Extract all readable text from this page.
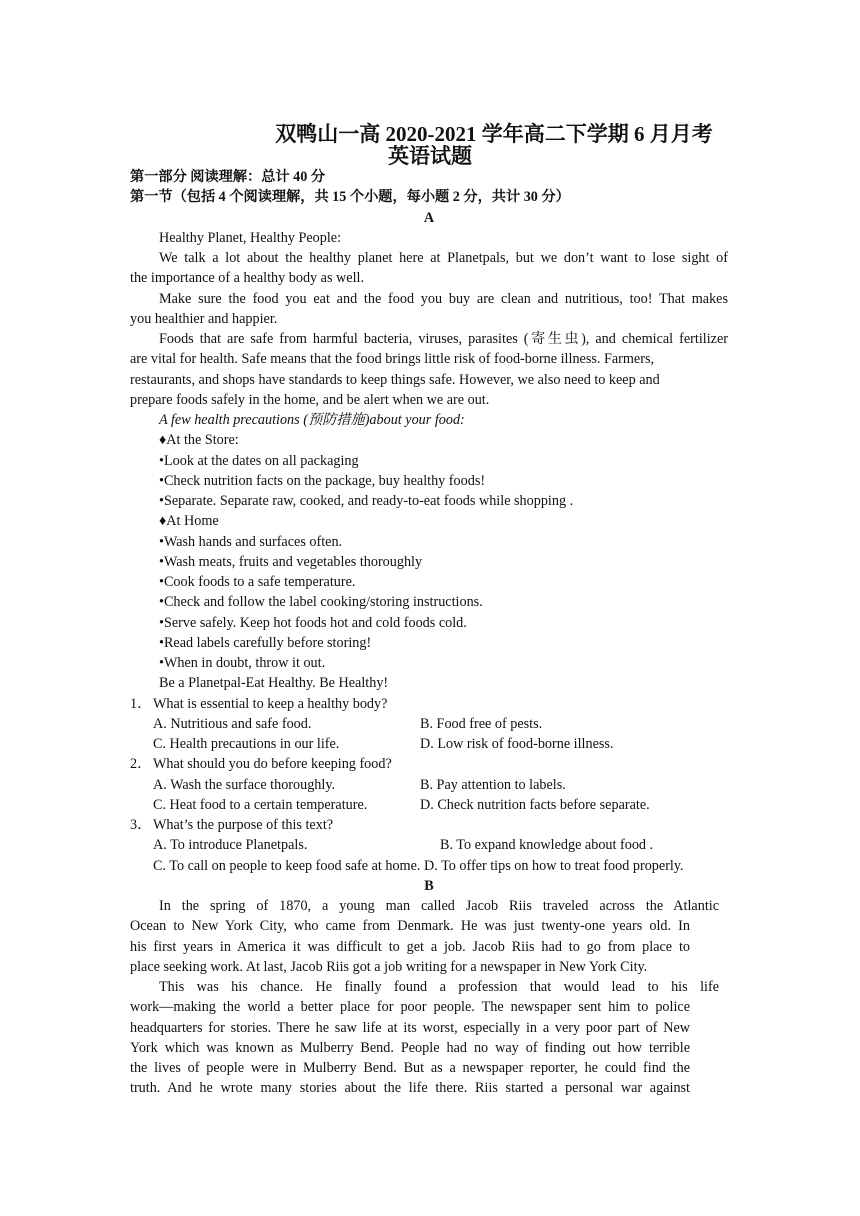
双鸭山一高 2020-2021 学年高二下学期 6 月月考
英语试题
第一部分 阅读理解：总计 40 分
第一节（包括 4 个阅读理解，共 15 个小题，每小题 2 分，共计 30 分）
A
Healthy Planet, Healthy People:
We talk a lot about the healthy planet here at Planetpals, but we don’t want to lose sight of
the importance of a healthy body as well.
Make sure the food you eat and the food you buy are clean and nutritious, too! That makes
you healthier and happier.
Foods that are safe from harmful bacteria, viruses, parasites (寄生虫), and chemical fertilizer
are vital for health. Safe means that the food brings little risk of food-borne illness. Farmers,
restaurants, and shops have standards to keep things safe. However, we also need to keep and
prepare foods safely in the home, and be alert when we are out.
A few health precautions (预防措施)about your food:
♦At the Store:
•Look at the dates on all packaging
•Check nutrition facts on the package, buy healthy foods!
•Separate. Separate raw, cooked, and ready-to-eat foods while shopping .
♦At Home
•Wash hands and surfaces often.
•Wash meats, fruits and vegetables thoroughly
•Cook foods to a safe temperature.
•Check and follow the label cooking/storing instructions.
•Serve safely. Keep hot foods hot and cold foods cold.
•Read labels carefully before storing!
•When in doubt, throw it out.
Be a Planetpal-Eat Healthy. Be Healthy!
1． What is essential to keep a healthy body?
A. Nutritious and safe food.	B. Food free of pests.
C. Health precautions in our life.	D. Low risk of food-borne illness.
2． What should you do before keeping food?
A. Wash the surface thoroughly.	B. Pay attention to labels.
C. Heat food to a certain temperature.	D. Check nutrition facts before separate.
3． What’s the purpose of this text?
A. To introduce Planetpals.	B. To expand knowledge about food .
C. To call on people to keep food safe at home. D. To offer tips on how to treat food properly.
B
In the spring of 1870, a young man called Jacob Riis traveled across the Atlantic
Ocean to New York City, who came from Denmark. He was just twenty-one years old. In
his first years in America it was difficult to get a job. Jacob Riis had to go from place to
place seeking work. At last, Jacob Riis got a job writing for a newspaper in New York City.
This was his chance. He finally found a profession that would lead to his life
work—making the world a better place for poor people. The newspaper sent him to police
headquarters for stories. There he saw life at its worst, especially in a very poor part of New
York which was known as Mulberry Bend. People had no way of finding out how terrible
the lives of people were in Mulberry Bend. But as a newspaper reporter, he could find the
truth. And he wrote many stories about the life there. Riis started a personal war against
